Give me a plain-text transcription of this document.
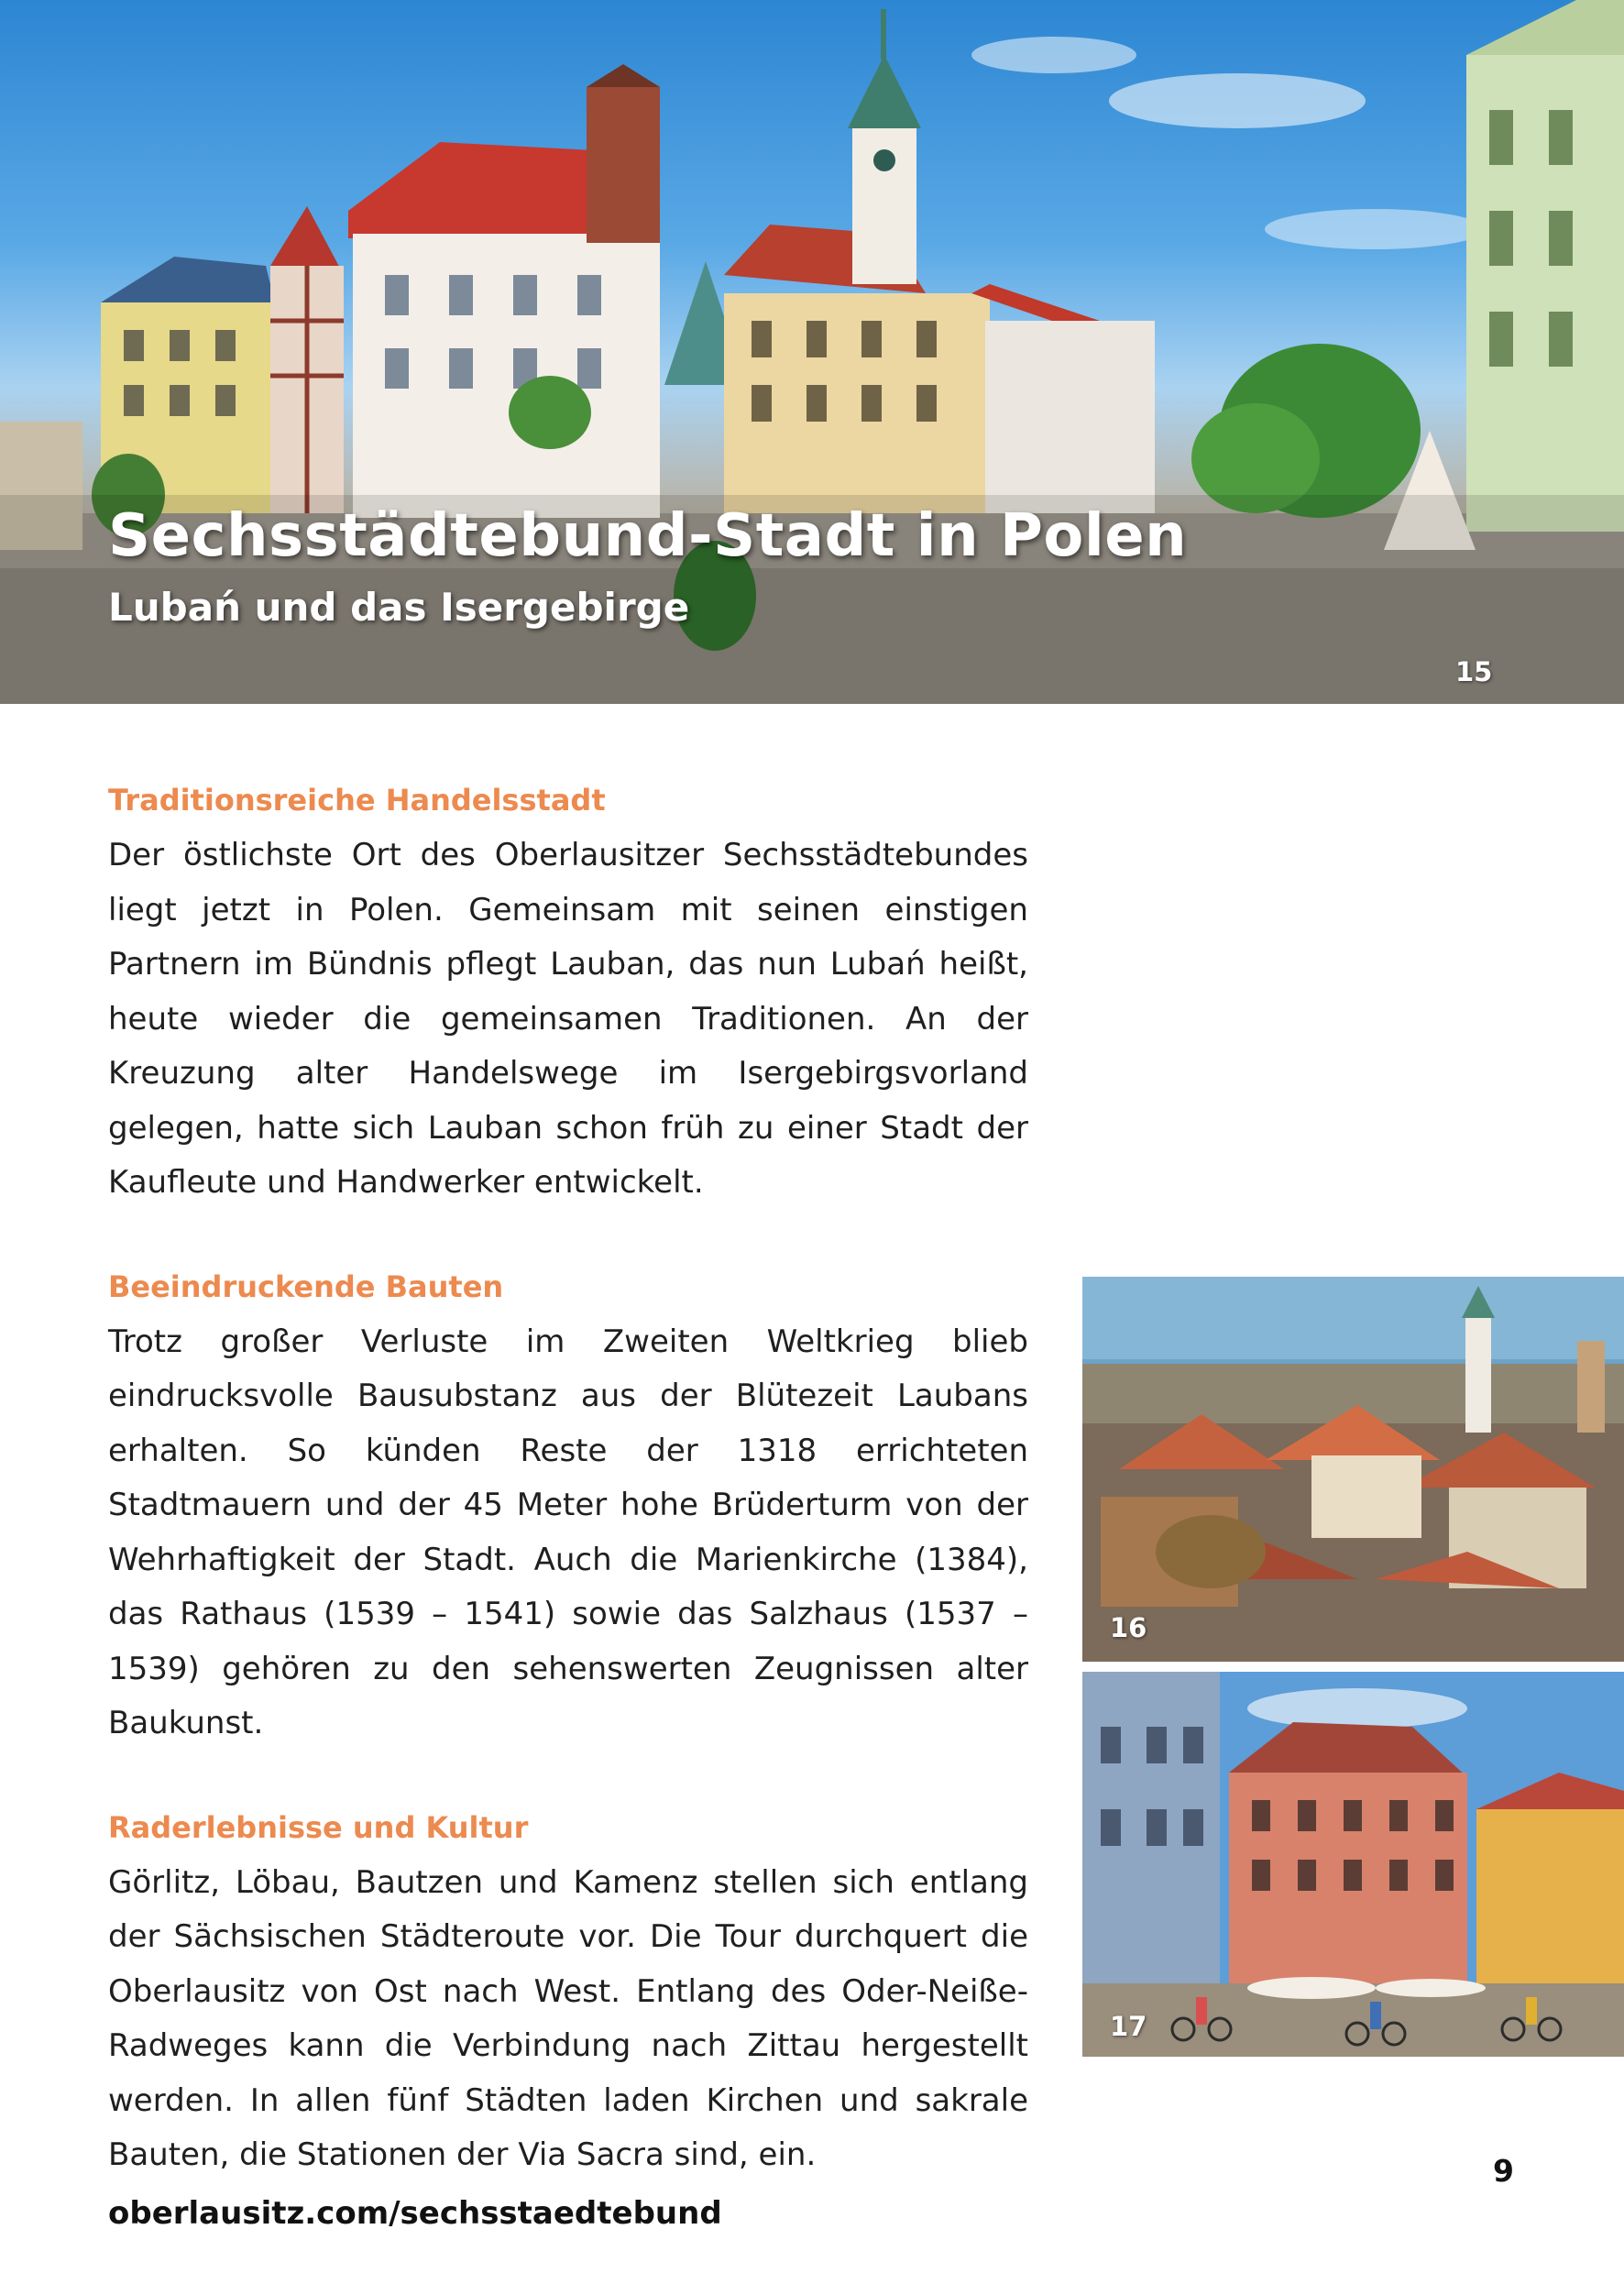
Sechsstädtebund-Stadt in Polen
Lubań und das Isergebirge
15
Traditionsreiche Handelsstadt

Der östlichste Ort des Oberlausitzer Sechsstädtebundes liegt jetzt in Polen. Gemeinsam mit seinen einstigen Partnern im Bündnis pflegt Lauban, das nun Lubań heißt, heute wieder die gemeinsamen Traditionen. An der Kreuzung alter Handelswege im Isergebirgsvorland gelegen, hatte sich Lauban schon früh zu einer Stadt der Kaufleute und Handwerker entwickelt.

Beeindruckende Bauten

Trotz großer Verluste im Zweiten Weltkrieg blieb eindrucksvolle Bausubstanz aus der Blütezeit Laubans erhalten. So künden Reste der 1318 errichteten Stadtmauern und der 45 Meter hohe Brüderturm von der Wehrhaftigkeit der Stadt. Auch die Marienkirche (1384), das Rathaus (1539 – 1541) sowie das Salzhaus (1537 – 1539) gehören zu den sehenswerten Zeugnissen alter Baukunst.

Raderlebnisse und Kultur

Görlitz, Löbau, Bautzen und Kamenz stellen sich entlang der Sächsischen Städteroute vor. Die Tour durchquert die Oberlausitz von Ost nach West. Entlang des Oder-Neiße-Radweges kann die Verbindung nach Zittau hergestellt werden. In allen fünf Städten laden Kirchen und sakrale Bauten, die Stationen der Via Sacra sind, ein.

oberlausitz.com/sechsstaedtebund

16
17
9
